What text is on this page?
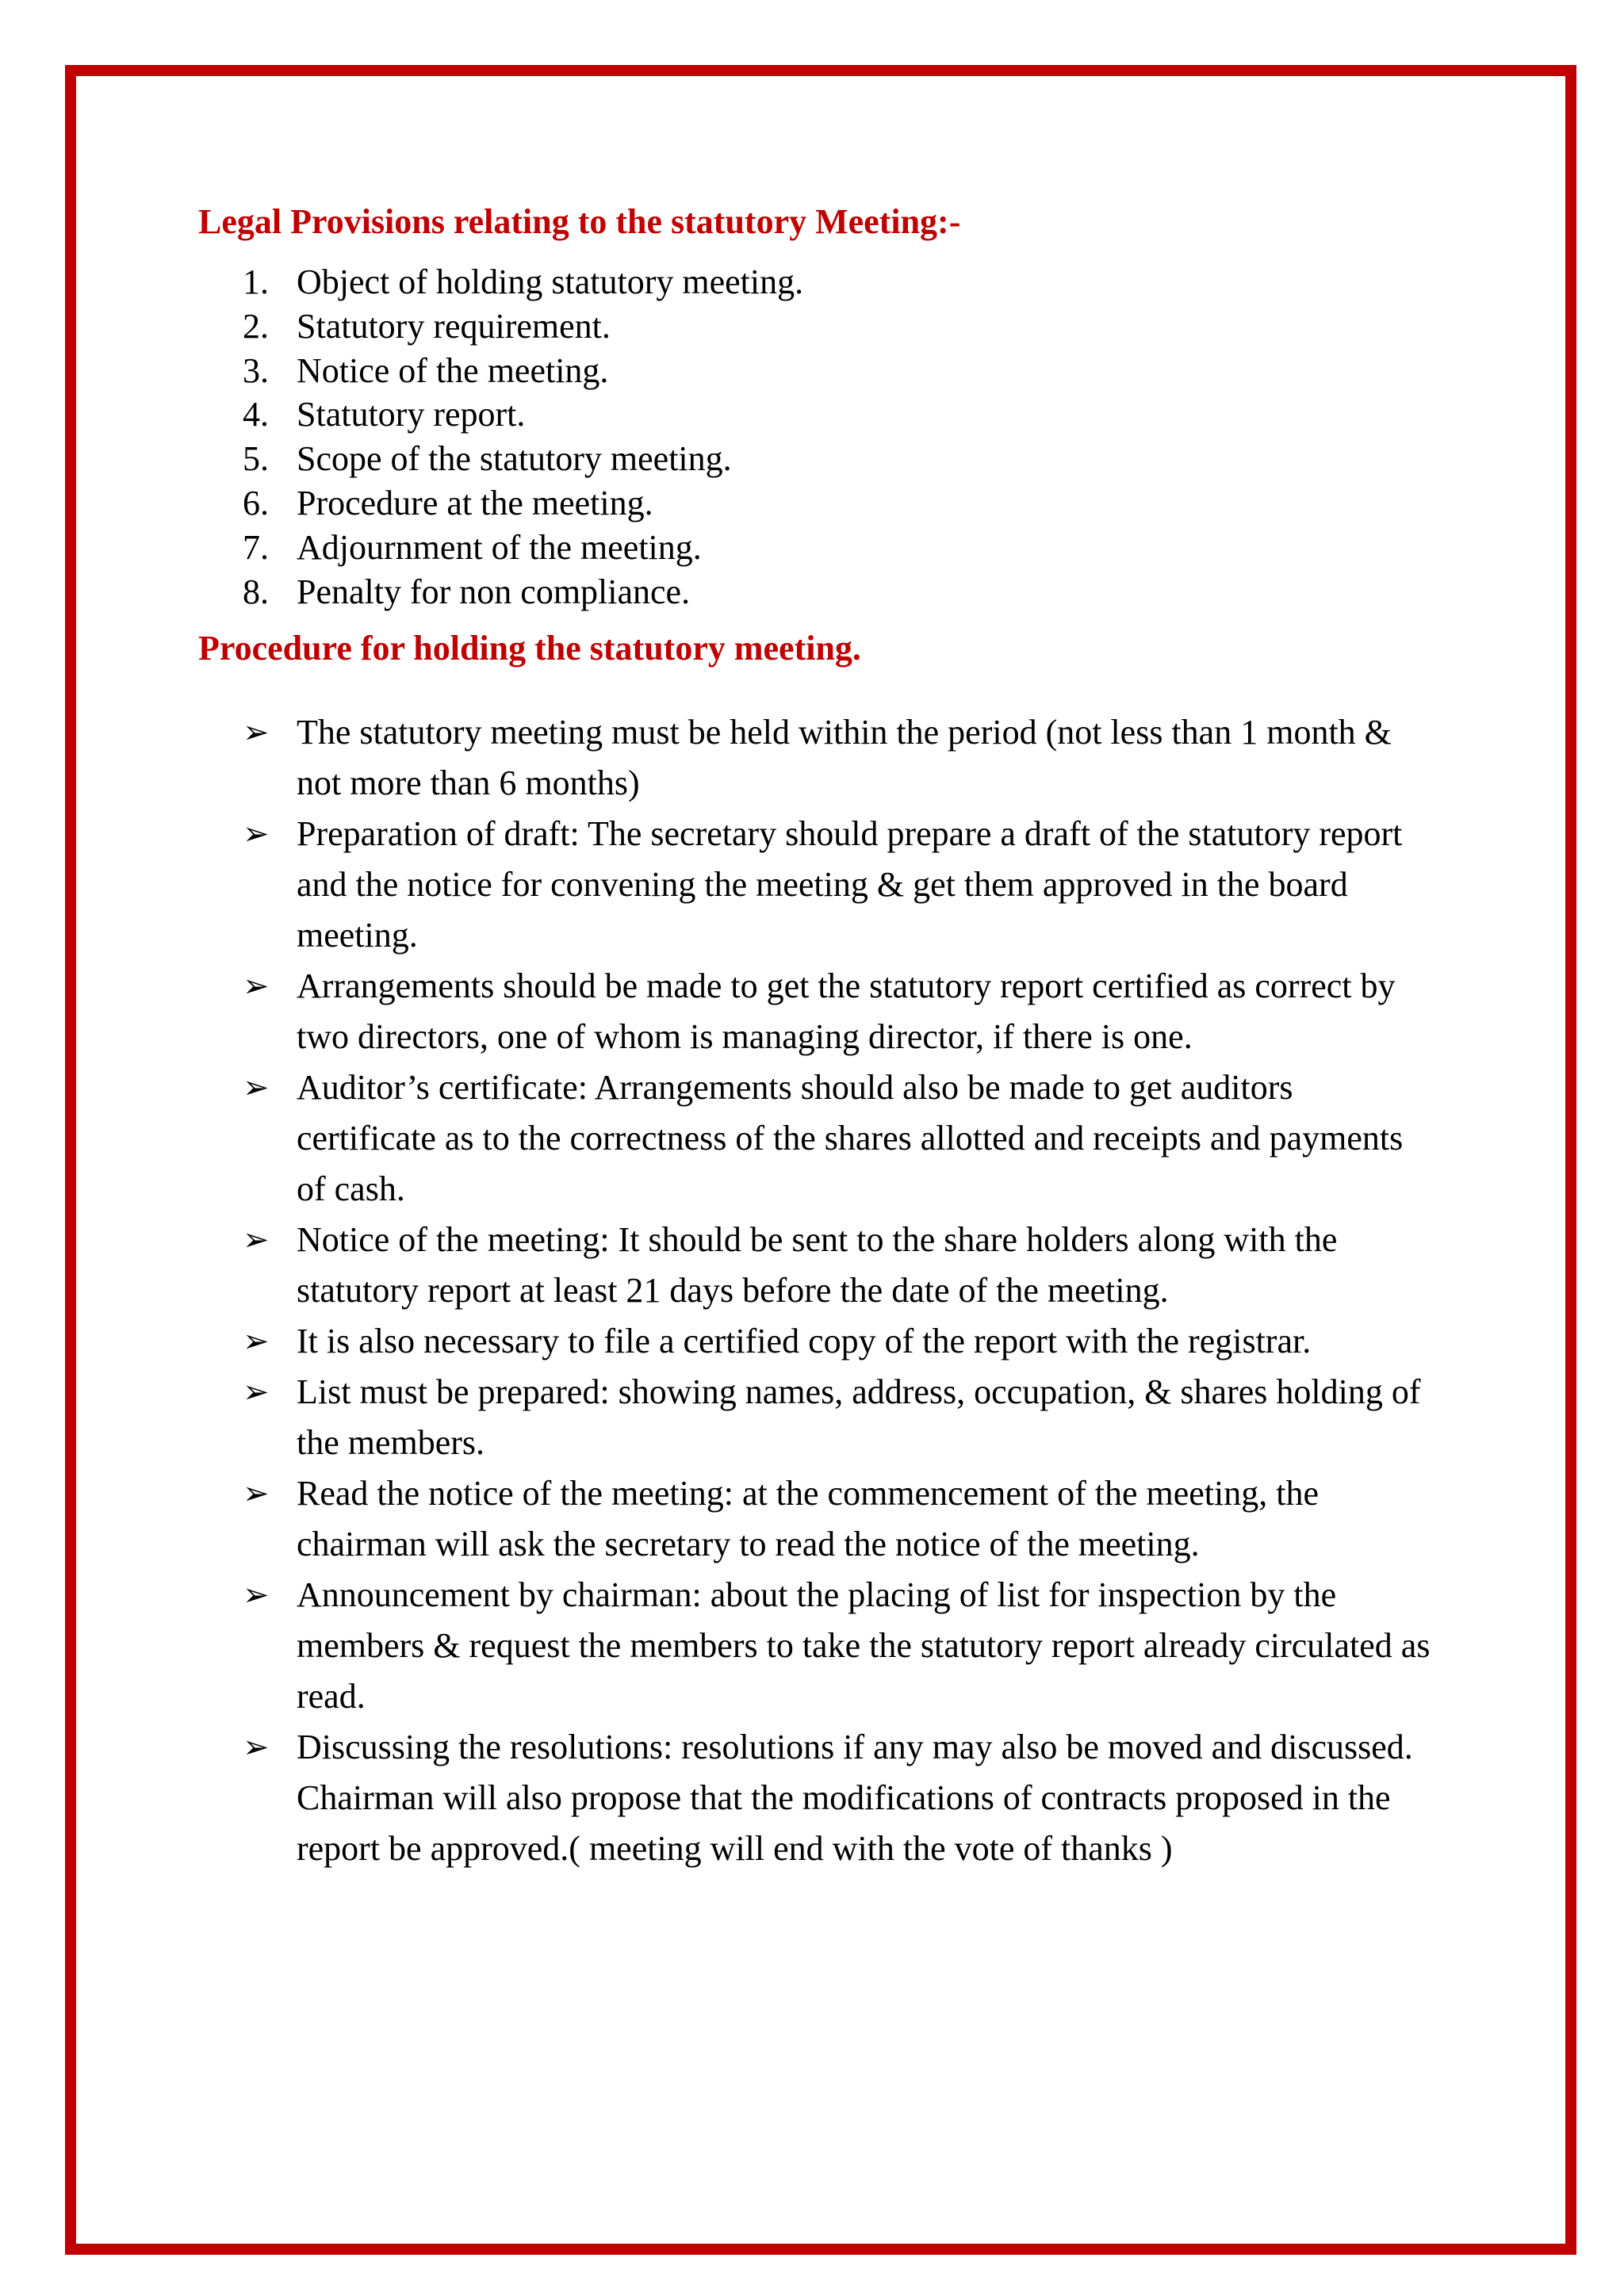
Legal Provisions relating to the statutory Meeting:-
1. Object of holding statutory meeting.
2. Statutory requirement.
3. Notice of the meeting.
4. Statutory report.
5. Scope of the statutory meeting.
6. Procedure at the meeting.
7. Adjournment of the meeting.
8. Penalty for non compliance.
Procedure for holding the statutory meeting.
➢ The statutory meeting must be held within the period (not less than 1 month & not more than 6 months)
➢ Preparation of draft: The secretary should prepare a draft of the statutory report and the notice for convening the meeting & get them approved in the board meeting.
➢ Arrangements should be made to get the statutory report certified as correct by two directors, one of whom is managing director, if there is one.
➢ Auditor’s certificate: Arrangements should also be made to get auditors certificate as to the correctness of the shares allotted and receipts and payments of cash.
➢ Notice of the meeting: It should be sent to the share holders along with the statutory report at least 21 days before the date of the meeting.
➢ It is also necessary to file a certified copy of the report with the registrar.
➢ List must be prepared: showing names, address, occupation, & shares holding of the members.
➢ Read the notice of the meeting: at the commencement of the meeting, the chairman will ask the secretary to read the notice of the meeting.
➢ Announcement by chairman: about the placing of list for inspection by the members & request the members to take the statutory report already circulated as read.
➢ Discussing the resolutions: resolutions if any may also be moved and discussed. Chairman will also propose that the modifications of contracts proposed in the report be approved.( meeting will end with the vote of thanks )
